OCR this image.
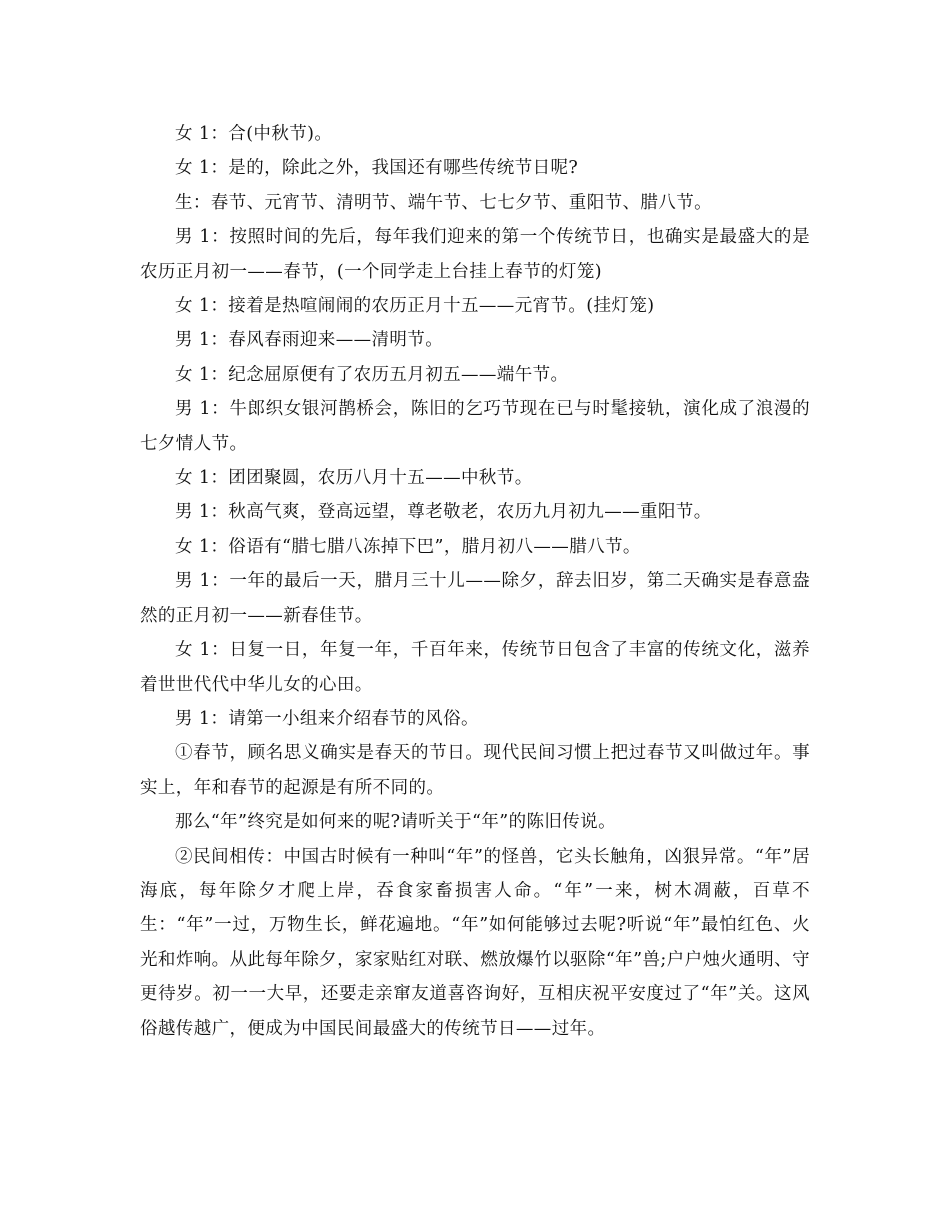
女 1：合(中秋节)。

女 1：是的，除此之外，我国还有哪些传统节日呢?

生：春节、元宵节、清明节、端午节、七七夕节、重阳节、腊八节。

男 1：按照时间的先后，每年我们迎来的第一个传统节日，也确实是最盛大的是农历正月初一——春节，(一个同学走上台挂上春节的灯笼)

女 1：接着是热喧闹闹的农历正月十五——元宵节。(挂灯笼)

男 1：春风春雨迎来——清明节。

女 1：纪念屈原便有了农历五月初五——端午节。

男 1：牛郎织女银河鹊桥会，陈旧的乞巧节现在已与时髦接轨，演化成了浪漫的七夕情人节。

女 1：团团聚圆，农历八月十五——中秋节。

男 1：秋高气爽，登高远望，尊老敬老，农历九月初九——重阳节。

女 1：俗语有“腊七腊八冻掉下巴”，腊月初八——腊八节。

男 1：一年的最后一天，腊月三十儿——除夕，辞去旧岁，第二天确实是春意盎然的正月初一——新春佳节。

女 1：日复一日，年复一年，千百年来，传统节日包含了丰富的传统文化，滋养着世世代代中华儿女的心田。

男 1：请第一小组来介绍春节的风俗。

①春节，顾名思义确实是春天的节日。现代民间习惯上把过春节又叫做过年。事实上，年和春节的起源是有所不同的。

那么“年”终究是如何来的呢?请听关于“年”的陈旧传说。

②民间相传：中国古时候有一种叫“年”的怪兽，它头长触角，凶狠异常。“年”居海底，每年除夕才爬上岸，吞食家畜损害人命。“年”一来，树木凋蔽，百草不生：“年”一过，万物生长，鲜花遍地。“年”如何能够过去呢?听说“年”最怕红色、火光和炸响。从此每年除夕，家家贴红对联、燃放爆竹以驱除“年”兽;户户烛火通明、守更待岁。初一一大早，还要走亲窜友道喜咨询好，互相庆祝平安度过了“年”关。这风俗越传越广，便成为中国民间最盛大的传统节日——过年。
